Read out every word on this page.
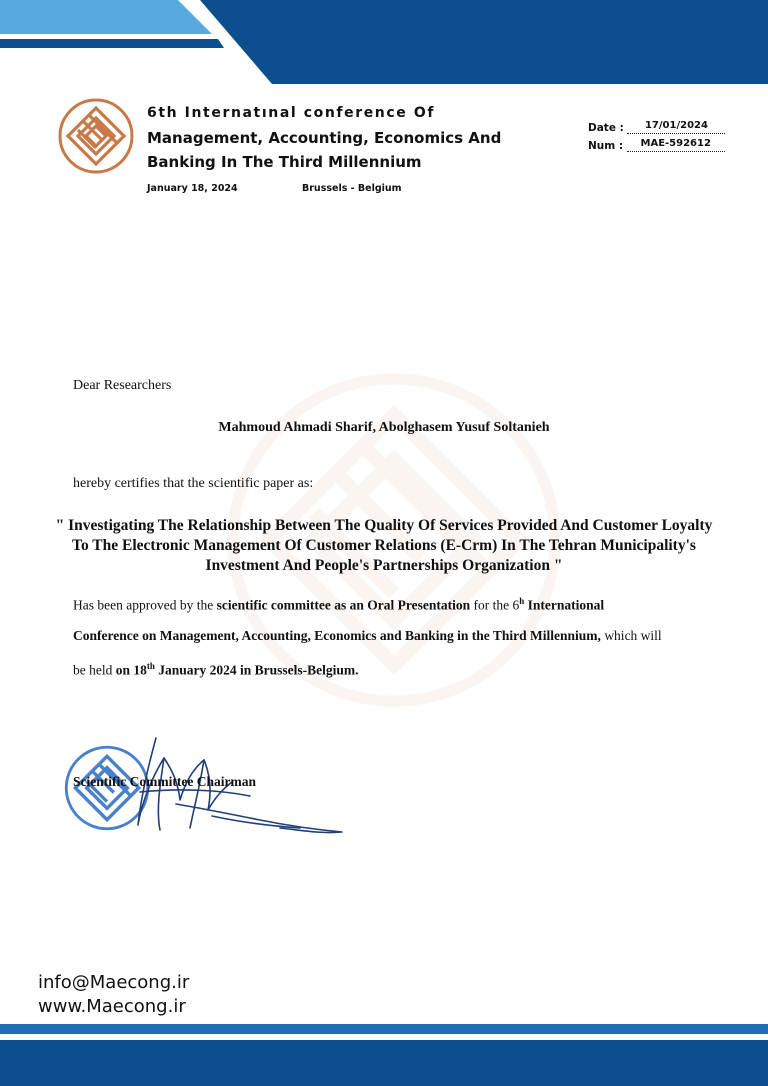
6th Internatınal conference Of
Management, Accounting, Economics And
Banking In The Third Millennium
January 18, 2024	Brussels - Belgium
Date : 17/01/2024
Num : MAE-592612
Dear Researchers
Mahmoud Ahmadi Sharif, Abolghasem Yusuf Soltanieh
hereby certifies that the scientific paper as:
" Investigating The Relationship Between The Quality Of Services Provided And Customer Loyalty
To The Electronic Management Of Customer Relations (E-Crm) In The Tehran Municipality's
Investment And People's Partnerships Organization "
Has been approved by the scientific committee as an Oral Presentation for the 6$^h$ International
Conference on Management, Accounting, Economics and Banking in the Third Millennium, which will
be held on 18th January 2024 in Brussels-Belgium.
Scientific Committee Chairman
info@Maecong.ir
www.Maecong.ir
